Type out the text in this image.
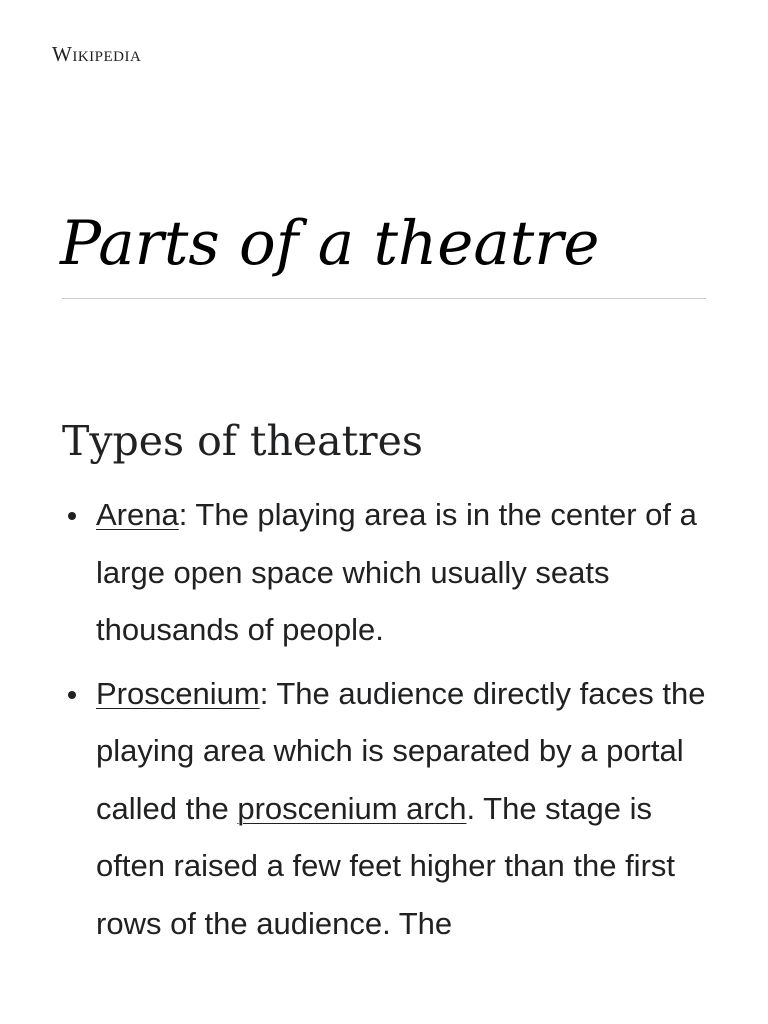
Wikipedia
Parts of a theatre
Types of theatres
Arena: The playing area is in the center of a large open space which usually seats thousands of people.
Proscenium: The audience directly faces the playing area which is separated by a portal called the proscenium arch. The stage is often raised a few feet higher than the first rows of the audience. The
